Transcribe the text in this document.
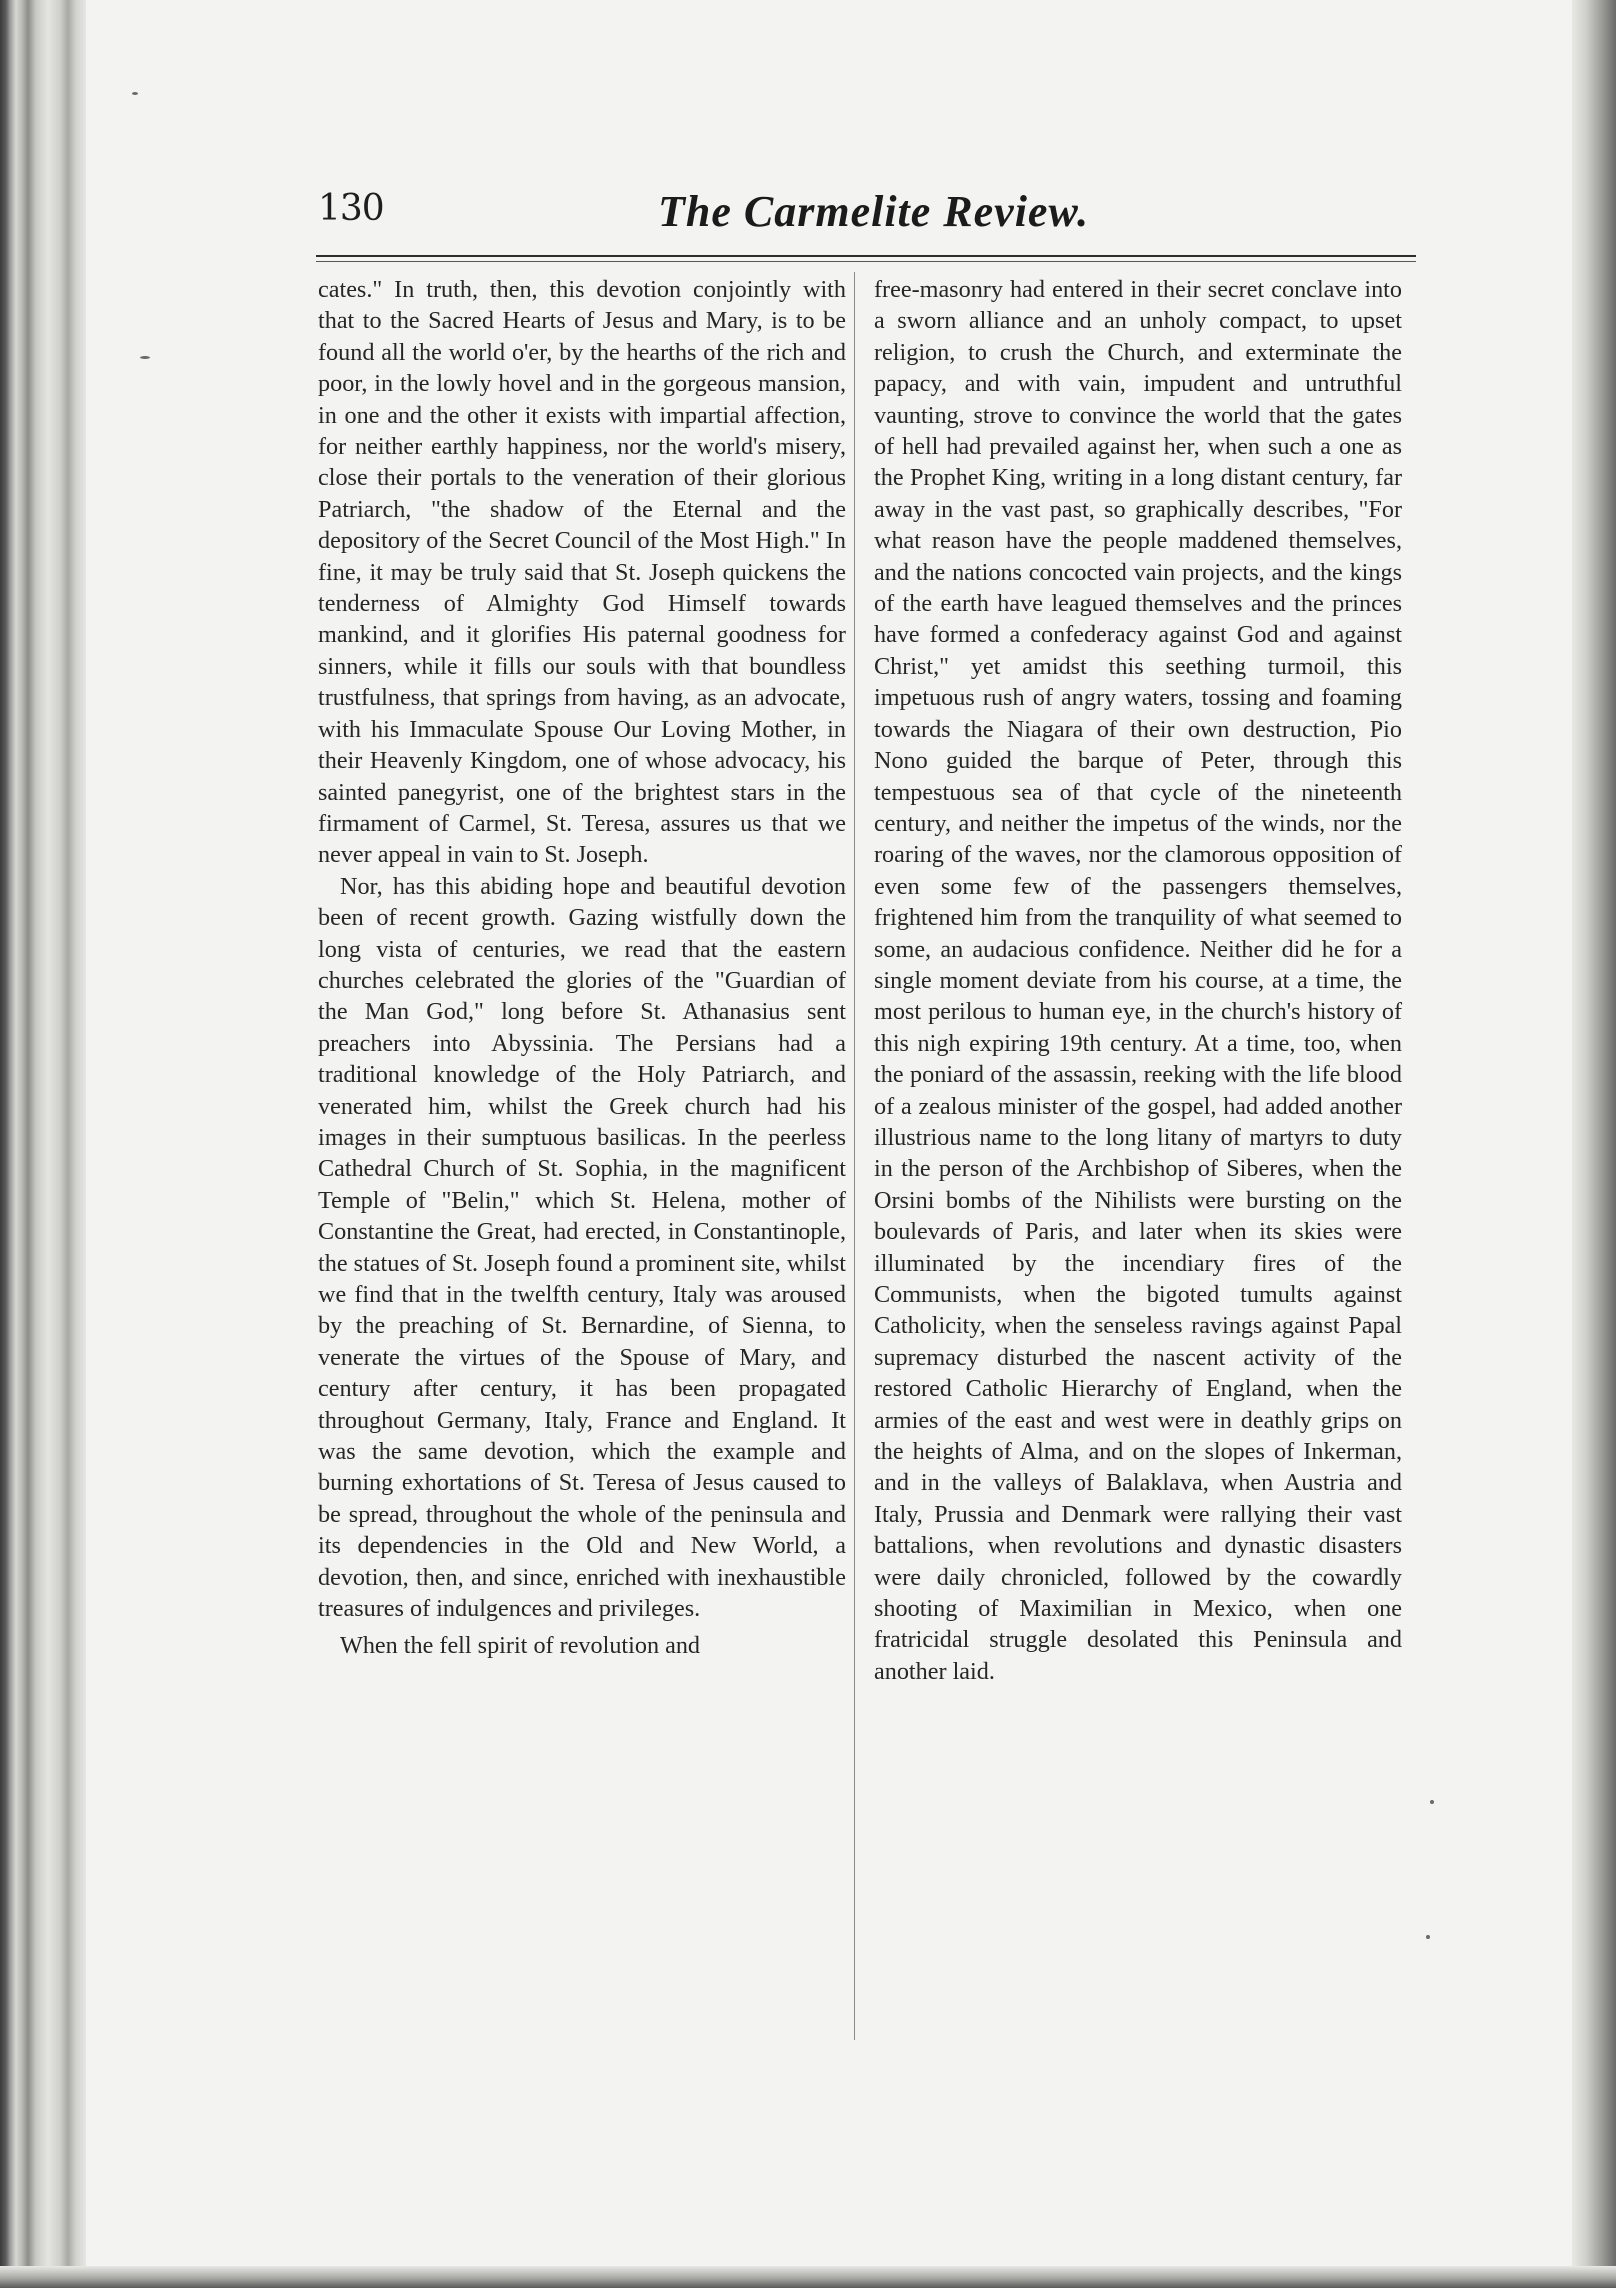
130	The Carmelite Review.

cates." In truth, then, this devotion conjointly with that to the Sacred Hearts of Jesus and Mary, is to be found all the world o'er, by the hearths of the rich and poor, in the lowly hovel and in the gorgeous mansion, in one and the other it exists with impartial affection, for neither earthly happiness, nor the world's misery, close their portals to the veneration of their glorious Patriarch, "the shadow of the Eternal and the depository of the Secret Council of the Most High." In fine, it may be truly said that St. Joseph quickens the tenderness of Almighty God Himself towards mankind, and it glorifies His paternal goodness for sinners, while it fills our souls with that boundless trustfulness, that springs from having, as an advocate, with his Immaculate Spouse Our Loving Mother, in their Heavenly Kingdom, one of whose advocacy, his sainted panegyrist, one of the brightest stars in the firmament of Carmel, St. Teresa, assures us that we never appeal in vain to St. Joseph.

Nor, has this abiding hope and beautiful devotion been of recent growth. Gazing wistfully down the long vista of centuries, we read that the eastern churches celebrated the glories of the "Guardian of the Man God," long before St. Athanasius sent preachers into Abyssinia. The Persians had a traditional knowledge of the Holy Patriarch, and venerated him, whilst the Greek church had his images in their sumptuous basilicas. In the peerless Cathedral Church of St. Sophia, in the magnificent Temple of "Belin," which St. Helena, mother of Constantine the Great, had erected, in Constantinople, the statues of St. Joseph found a prominent site, whilst we find that in the twelfth century, Italy was aroused by the preaching of St. Bernardine, of Sienna, to venerate the virtues of the Spouse of Mary, and century after century, it has been propagated throughout Germany, Italy, France and England. It was the same devotion, which the example and burning exhortations of St. Teresa of Jesus caused to be spread, throughout the whole of the peninsula and its dependencies in the Old and New World, a devotion, then, and since, enriched with inexhaustible treasures of indulgences and privileges.

When the fell spirit of revolution and

free-masonry had entered in their secret conclave into a sworn alliance and an unholy compact, to upset religion, to crush the Church, and exterminate the papacy, and with vain, impudent and untruthful vaunting, strove to convince the world that the gates of hell had prevailed against her, when such a one as the Prophet King, writing in a long distant century, far away in the vast past, so graphically describes, "For what reason have the people maddened themselves, and the nations concocted vain projects, and the kings of the earth have leagued themselves and the princes have formed a confederacy against God and against Christ," yet amidst this seething turmoil, this impetuous rush of angry waters, tossing and foaming towards the Niagara of their own destruction, Pio Nono guided the barque of Peter, through this tempestuous sea of that cycle of the nineteenth century, and neither the impetus of the winds, nor the roaring of the waves, nor the clamorous opposition of even some few of the passengers themselves, frightened him from the tranquility of what seemed to some, an audacious confidence. Neither did he for a single moment deviate from his course, at a time, the most perilous to human eye, in the church's history of this nigh expiring 19th century. At a time, too, when the poniard of the assassin, reeking with the life blood of a zealous minister of the gospel, had added another illustrious name to the long litany of martyrs to duty in the person of the Archbishop of Siberes, when the Orsini bombs of the Nihilists were bursting on the boulevards of Paris, and later when its skies were illuminated by the incendiary fires of the Communists, when the bigoted tumults against Catholicity, when the senseless ravings against Papal supremacy disturbed the nascent activity of the restored Catholic Hierarchy of England, when the armies of the east and west were in deathly grips on the heights of Alma, and on the slopes of Inkerman, and in the valleys of Balaklava, when Austria and Italy, Prussia and Denmark were rallying their vast battalions, when revolutions and dynastic disasters were daily chronicled, followed by the cowardly shooting of Maximilian in Mexico, when one fratricidal struggle desolated this Peninsula and another laid.
